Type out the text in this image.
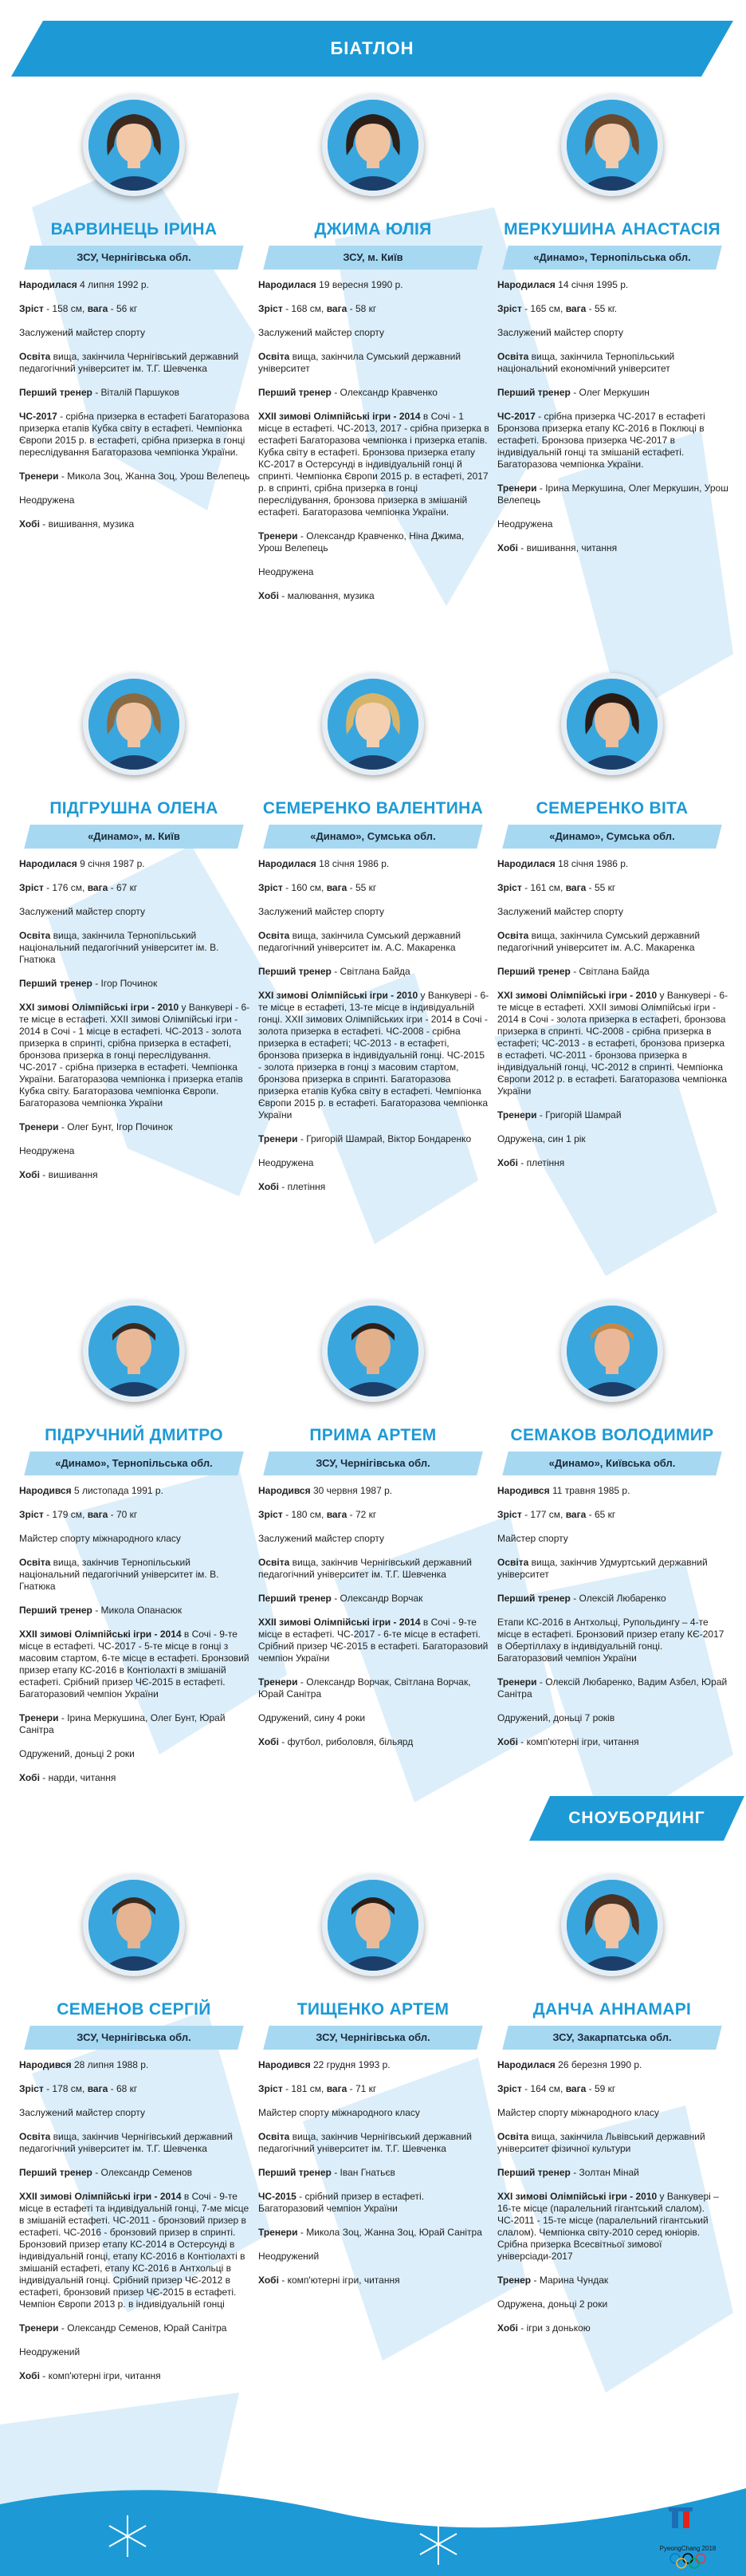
БІАТЛОН
СНОУБОРДИНГ
ВАРВИНЕЦЬ ІРИНА
ЗСУ, Чернігівська обл.

Народилася 4 липня 1992 р.

Зріст - 158 см, вага - 56 кг

Заслужений майстер спорту

Освіта вища, закінчила Чернігівський державний педагогічний університет ім. Т.Г. Шевченка

Перший тренер - Віталій Паршуков

ЧС-2017 - срібна призерка в естафеті Багаторазова призерка етапів Кубка світу в естафеті. Чемпіонка Європи 2015 р. в естафеті, срібна призерка в гонці переслідування Багаторазова чемпіонка України.

Тренери - Микола Зоц, Жанна Зоц, Урош Велепець

Неодружена

Хобі - вишивання, музика

ДЖИМА ЮЛІЯ
ЗСУ, м. Київ

Народилася 19 вересня 1990 р.

Зріст - 168 см, вага - 58 кг

Заслужений майстер спорту

Освіта вища, закінчила Сумський державний університет

Перший тренер - Олександр Кравченко

XXII зимові Олімпійські ігри - 2014 в Сочі - 1 місце в естафеті. ЧС-2013, 2017 - срібна призерка в естафеті Багаторазова чемпіонка і призерка етапів. Кубка світу в естафеті. Бронзова призерка етапу КС-2017 в Остерсунді в індивідуальній гонці й спринті. Чемпіонка Європи 2015 р. в естафеті, 2017 р. в спринті, срібна призерка в гонці переслідування, бронзова призерка в змішаній естафеті. Багаторазова чемпіонка України.

Тренери - Олександр Кравченко, Ніна Джима, Урош Велепець

Неодружена

Хобі - малювання, музика

МЕРКУШИНА АНАСТАСІЯ
«Динамо», Тернопільська обл.

Народилася 14 січня 1995 р.

Зріст - 165 см, вага - 55 кг.

Заслужений майстер спорту

Освіта вища, закінчила Тернопільський національний економічний університет

Перший тренер - Олег Меркушин

ЧС-2017 - срібна призерка ЧС-2017 в естафеті Бронзова призерка етапу КС-2016 в Поклюці в естафеті. Бронзова призерка ЧЄ-2017 в індивідуальній гонці та змішаній естафеті. Багаторазова чемпіонка України.

Тренери - Ірина Меркушина, Олег Меркушин, Урош Велепець

Неодружена

Хобі - вишивання, читання

ПІДГРУШНА ОЛЕНА
«Динамо», м. Київ

Народилася 9 січня 1987 р.

Зріст - 176 см, вага - 67 кг

Заслужений майстер спорту

Освіта вища, закінчила Тернопільський національний педагогічний університет ім. В. Гнатюка

Перший тренер - Ігор Починок

XXI зимові Олімпійські ігри - 2010 у Ванкувері - 6-те місце в естафеті. XXII зимові Олімпійські ігри - 2014 в Сочі - 1 місце в естафеті. ЧС-2013 - золота призерка в спринті, срібна призерка в естафеті, бронзова призерка в гонці переслідування. ЧС-2017 - срібна призерка в естафеті. Чемпіонка України. Багаторазова чемпіонка і призерка етапів Кубка світу. Багаторазова чемпіонка Європи. Багаторазова чемпіонка України

Тренери - Олег Бунт, Ігор Починок

Неодружена

Хобі - вишивання

СЕМЕРЕНКО ВАЛЕНТИНА
«Динамо», Сумська обл.

Народилася 18 січня 1986 р.

Зріст - 160 см, вага - 55 кг

Заслужений майстер спорту

Освіта вища, закінчила Сумський державний педагогічний університет ім. А.С. Макаренка

Перший тренер - Світлана Байда

XXI зимові Олімпійські ігри - 2010 у Ванкувері - 6-те місце в естафеті, 13-те місце в індивідуальній гонці. XXII зимових Олімпійських ігри - 2014 в Сочі - золота призерка в естафеті. ЧС-2008 - срібна призерка в естафеті; ЧС-2013 - в естафеті, бронзова призерка в індивідуальній гонці. ЧС-2015 - золота призерка в гонці з масовим стартом, бронзова призерка в спринті. Багаторазова призерка етапів Кубка світу в естафеті. Чемпіонка Європи 2015 р. в естафеті. Багаторазова чемпіонка України

Тренери - Григорій Шамрай, Віктор Бондаренко

Неодружена

Хобі - плетіння

СЕМЕРЕНКО ВІТА
«Динамо», Сумська обл.

Народилася 18 січня 1986 р.

Зріст - 161 см, вага - 55 кг

Заслужений майстер спорту

Освіта вища, закінчила Сумський державний педагогічний університет ім. А.С. Макаренка

Перший тренер - Світлана Байда

XXI зимові Олімпійські ігри - 2010 у Ванкувері - 6-те місце в естафеті. XXII зимові Олімпійські ігри - 2014 в Сочі - золота призерка в естафеті, бронзова призерка в спринті. ЧС-2008 - срібна призерка в естафеті; ЧС-2013 - в естафеті, бронзова призерка в естафеті. ЧС-2011 - бронзова призерка в індивідуальній гонці, ЧС-2012 в спринті. Чемпіонка Європи 2012 р. в естафеті. Багаторазова чемпіонка України

Тренери - Григорій Шамрай

Одружена, син 1 рік

Хобі - плетіння

ПІДРУЧНИЙ ДМИТРО
«Динамо», Тернопільська обл.

Народився 5 листопада 1991 р.

Зріст - 179 см, вага - 70 кг

Майстер спорту міжнародного класу

Освіта вища, закінчив Тернопільський національний педагогічний університет ім. В. Гнатюка

Перший тренер - Микола Опанасюк

XXII зимові Олімпійські ігри - 2014 в Сочі - 9-те місце в естафеті. ЧС-2017 - 5-те місце в гонці з масовим стартом, 6-те місце в естафеті. Бронзовий призер етапу КС-2016 в Контіолахті в змішаній естафеті. Срібний призер ЧЄ-2015 в естафеті. Багаторазовий чемпіон України

Тренери - Ірина Меркушина, Олег Бунт, Юрай Санітра

Одружений, доньці 2 роки

Хобі - нарди, читання

ПРИМА АРТЕМ
ЗСУ, Чернігівська обл.

Народився 30 червня 1987 р.

Зріст - 180 см, вага - 72 кг

Заслужений майстер спорту

Освіта вища, закінчив Чернігівський державний педагогічний університет ім. Т.Г. Шевченка

Перший тренер - Олександр Ворчак

XXII зимові Олімпійські ігри - 2014 в Сочі - 9-те місце в естафеті. ЧС-2017 - 6-те місце в естафеті. Срібний призер ЧЄ-2015 в естафеті. Багаторазовий чемпіон України

Тренери - Олександр Ворчак, Світлана Ворчак, Юрай Санітра

Одружений, сину 4 роки

Хобі - футбол, риболовля, більярд

СЕМАКОВ ВОЛОДИМИР
«Динамо», Київська обл.

Народився 11 травня 1985 р.

Зріст - 177 см, вага - 65 кг

Майстер спорту

Освіта вища, закінчив Удмуртський державний університет

Перший тренер - Олексій Любаренко

Етапи КС-2016 в Антхольці, Рупольдингу – 4-те місце в естафеті. Бронзовий призер етапу КЄ-2017 в Обертіллаху в індивідуальній гонці. Багаторазовий чемпіон України

Тренери - Олексій Любаренко, Вадим Азбел, Юрай Санітра

Одружений, доньці 7 років

Хобі - комп'ютерні ігри, читання

СЕМЕНОВ СЕРГІЙ
ЗСУ, Чернігівська обл.

Народився 28 липня 1988 р.

Зріст - 178 см, вага - 68 кг

Заслужений майстер спорту

Освіта вища, закінчив Чернігівський державний педагогічний університет ім. Т.Г. Шевченка

Перший тренер - Олександр Семенов

XXII зимові Олімпійські ігри - 2014 в Сочі - 9-те місце в естафеті та індивідуальній гонці, 7-ме місце в змішаній естафеті. ЧС-2011 - бронзовий призер в естафеті. ЧС-2016 - бронзовий призер в спринті. Бронзовий призер етапу КС-2014 в Остерсунді в індивідуальній гонці, етапу КС-2016 в Контіолахті в змішаній естафеті, етапу КС-2016 в Антхольці в індивідуальній гонці. Срібний призер ЧЄ-2012 в естафеті, бронзовий призер ЧЄ-2015 в естафеті. Чемпіон Європи 2013 р. в індивідуальній гонці

Тренери - Олександр Семенов, Юрай Санітра

Неодружений

Хобі - комп'ютерні ігри, читання

ТИЩЕНКО АРТЕМ
ЗСУ, Чернігівська обл.

Народився 22 грудня 1993 р.

Зріст - 181 см, вага - 71 кг

Майстер спорту міжнародного класу

Освіта вища, закінчив Чернігівський державний педагогічний університет ім. Т.Г. Шевченка

Перший тренер - Іван Гнатьєв

ЧС-2015 - срібний призер в естафеті. Багаторазовий чемпіон України

Тренери - Микола Зоц, Жанна Зоц, Юрай Санітра

Неодружений

Хобі - комп'ютерні ігри, читання

ДАНЧА АННАМАРІ
ЗСУ, Закарпатська обл.

Народилася 26 березня 1990 р.

Зріст - 164 см, вага - 59 кг

Майстер спорту міжнародного класу

Освіта вища, закінчила Львівський державний університет фізичної культури

Перший тренер - Золтан Мінай

XXI зимові Олімпійські ігри - 2010 у Ванкувері – 16-те місце (паралельний гігантський слалом). ЧС-2011 - 15-те місце (паралельний гігантський слалом). Чемпіонка світу-2010 серед юніорів. Срібна призерка Всесвітньої зимової універсіади-2017

Тренер - Марина Чундак

Одружена, доньці 2 роки

Хобі - ігри з донькою

PyeongChang 2018
